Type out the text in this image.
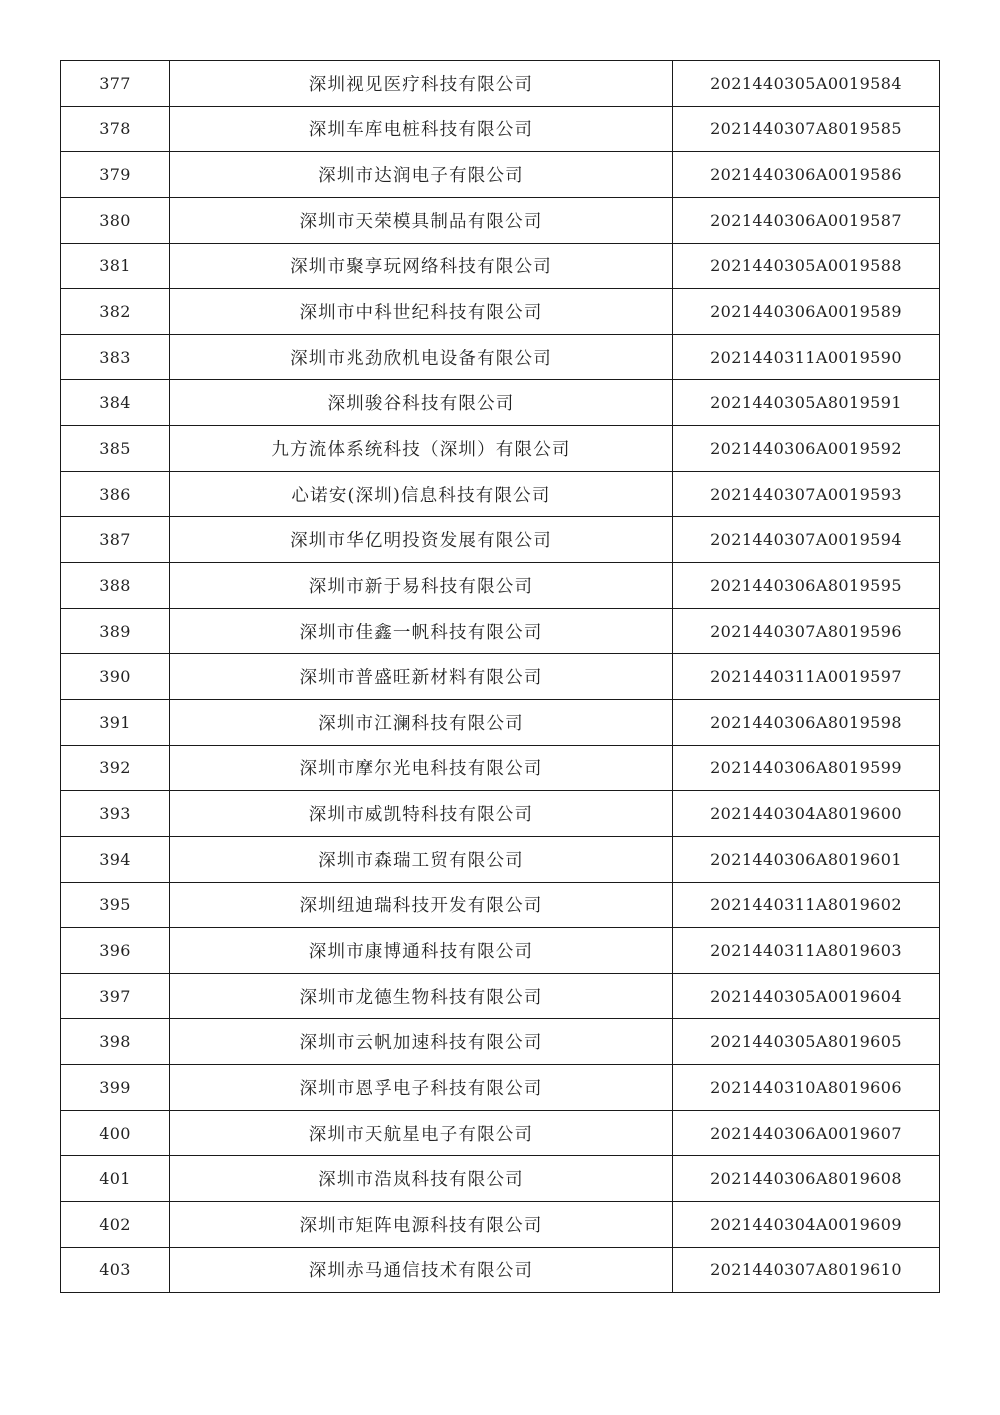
377	深圳视见医疗科技有限公司	2021440305A0019584
378	深圳车库电桩科技有限公司	2021440307A8019585
379	深圳市达润电子有限公司	2021440306A0019586
380	深圳市天荣模具制品有限公司	2021440306A0019587
381	深圳市聚享玩网络科技有限公司	2021440305A0019588
382	深圳市中科世纪科技有限公司	2021440306A0019589
383	深圳市兆劲欣机电设备有限公司	2021440311A0019590
384	深圳骏谷科技有限公司	2021440305A8019591
385	九方流体系统科技（深圳）有限公司	2021440306A0019592
386	心诺安(深圳)信息科技有限公司	2021440307A0019593
387	深圳市华亿明投资发展有限公司	2021440307A0019594
388	深圳市新于易科技有限公司	2021440306A8019595
389	深圳市佳鑫一帆科技有限公司	2021440307A8019596
390	深圳市普盛旺新材料有限公司	2021440311A0019597
391	深圳市江澜科技有限公司	2021440306A8019598
392	深圳市摩尔光电科技有限公司	2021440306A8019599
393	深圳市威凯特科技有限公司	2021440304A8019600
394	深圳市森瑞工贸有限公司	2021440306A8019601
395	深圳纽迪瑞科技开发有限公司	2021440311A8019602
396	深圳市康博通科技有限公司	2021440311A8019603
397	深圳市龙德生物科技有限公司	2021440305A0019604
398	深圳市云帆加速科技有限公司	2021440305A8019605
399	深圳市恩孚电子科技有限公司	2021440310A8019606
400	深圳市天航星电子有限公司	2021440306A0019607
401	深圳市浩岚科技有限公司	2021440306A8019608
402	深圳市矩阵电源科技有限公司	2021440304A0019609
403	深圳赤马通信技术有限公司	2021440307A8019610
